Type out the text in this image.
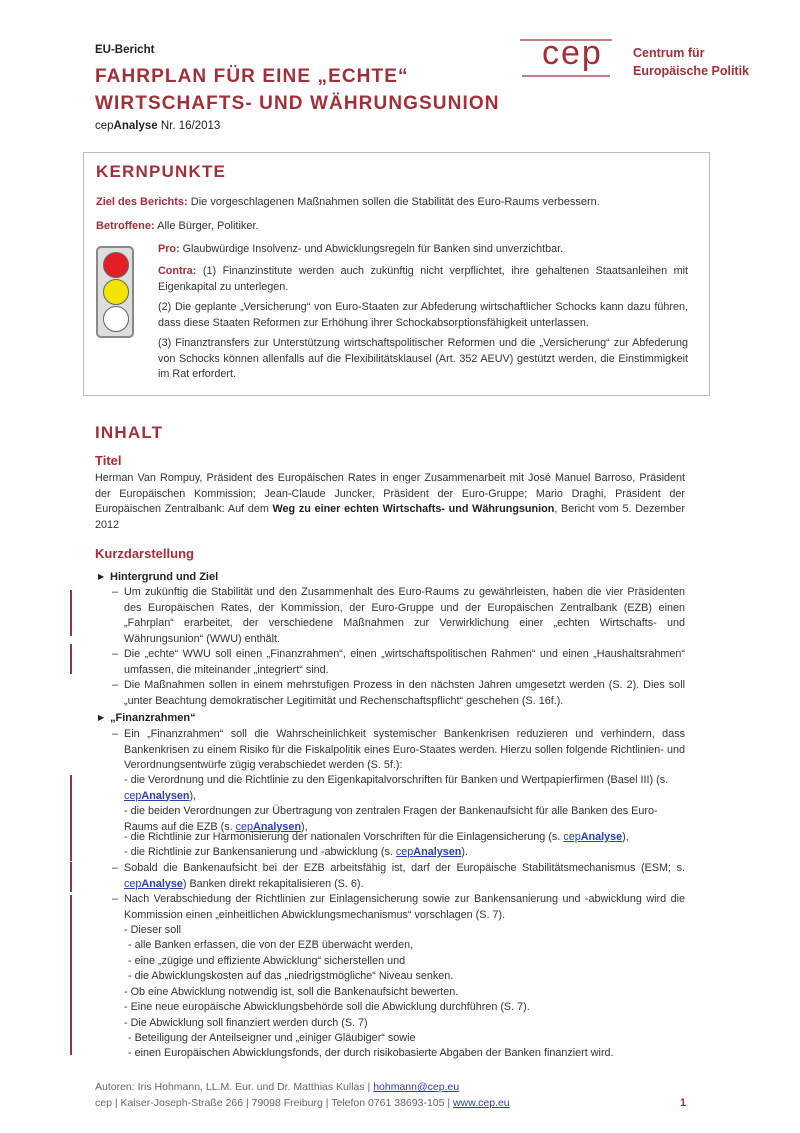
EU-Bericht
FAHRPLAN FÜR EINE „ECHTE“
WIRTSCHAFTS- UND WÄHRUNGSUNION
cepAnalyse Nr. 16/2013
cep Centrum für
Europäische Politik
KERNPUNKTE
Ziel des Berichts: Die vorgeschlagenen Maßnahmen sollen die Stabilität des Euro-Raums verbessern.
Betroffene: Alle Bürger, Politiker.
Pro: Glaubwürdige Insolvenz- und Abwicklungsregeln für Banken sind unverzichtbar.
Contra: (1) Finanzinstitute werden auch zukünftig nicht verpflichtet, ihre gehaltenen Staatsanleihen mit Eigenkapital zu unterlegen.
(2) Die geplante „Versicherung“ von Euro-Staaten zur Abfederung wirtschaftlicher Schocks kann dazu führen, dass diese Staaten Reformen zur Erhöhung ihrer Schockabsorptionsfähigkeit unterlassen.
(3) Finanztransfers zur Unterstützung wirtschaftspolitischer Reformen und die „Versicherung“ zur Abfederung von Schocks können allenfalls auf die Flexibilitätsklausel (Art. 352 AEUV) gestützt werden, die Einstimmigkeit im Rat erfordert.
INHALT
Titel
Herman Van Rompuy, Präsident des Europäischen Rates in enger Zusammenarbeit mit José Manuel Barroso, Präsident der Europäischen Kommission; Jean-Claude Juncker, Präsident der Euro-Gruppe; Mario Draghi, Präsident der Europäischen Zentralbank: Auf dem Weg zu einer echten Wirtschafts- und Währungsunion, Bericht vom 5. Dezember 2012
Kurzdarstellung
▶ Hintergrund und Ziel
– Um zukünftig die Stabilität und den Zusammenhalt des Euro-Raums zu gewährleisten, haben die vier Präsidenten des Europäischen Rates, der Kommission, der Euro-Gruppe und der Europäischen Zentralbank (EZB) einen „Fahrplan“ erarbeitet, der verschiedene Maßnahmen zur Verwirklichung einer „echten Wirtschafts- und Währungsunion“ (WWU) enthält.
– Die „echte“ WWU soll einen „Finanzrahmen“, einen „wirtschaftspolitischen Rahmen“ und einen „Haushaltsrahmen“ umfassen, die miteinander „integriert“ sind.
– Die Maßnahmen sollen in einem mehrstufigen Prozess in den nächsten Jahren umgesetzt werden (S. 2). Dies soll „unter Beachtung demokratischer Legitimität und Rechenschaftspflicht“ geschehen (S. 16f.).
▶ „Finanzrahmen“
– Ein „Finanzrahmen“ soll die Wahrscheinlichkeit systemischer Bankenkrisen reduzieren und verhindern, dass Bankenkrisen zu einem Risiko für die Fiskalpolitik eines Euro-Staates werden. Hierzu sollen folgende Richtlinien- und Verordnungsentwürfe zügig verabschiedet werden (S. 5f.):
- die Verordnung und die Richtlinie zu den Eigenkapitalvorschriften für Banken und Wertpapierfirmen (Basel III) (s. cepAnalysen),
- die beiden Verordnungen zur Übertragung von zentralen Fragen der Bankenaufsicht für alle Banken des Euro-Raums auf die EZB (s. cepAnalysen),
- die Richtlinie zur Harmonisierung der nationalen Vorschriften für die Einlagensicherung (s. cepAnalyse),
- die Richtlinie zur Bankensanierung und -abwicklung (s. cepAnalysen).
– Sobald die Bankenaufsicht bei der EZB arbeitsfähig ist, darf der Europäische Stabilitätsmechanismus (ESM; s. cepAnalyse) Banken direkt rekapitalisieren (S. 6).
– Nach Verabschiedung der Richtlinien zur Einlagensicherung sowie zur Bankensanierung und -abwicklung wird die Kommission einen „einheitlichen Abwicklungsmechanismus“ vorschlagen (S. 7).
- Dieser soll
- alle Banken erfassen, die von der EZB überwacht werden,
- eine „zügige und effiziente Abwicklung“ sicherstellen und
- die Abwicklungskosten auf das „niedrigstmögliche“ Niveau senken.
- Ob eine Abwicklung notwendig ist, soll die Bankenaufsicht bewerten.
- Eine neue europäische Abwicklungsbehörde soll die Abwicklung durchführen (S. 7).
- Die Abwicklung soll finanziert werden durch (S. 7)
- Beteiligung der Anteilseigner und „einiger Gläubiger“ sowie
- einen Europäischen Abwicklungsfonds, der durch risikobasierte Abgaben der Banken finanziert wird.
Autoren: Iris Hohmann, LL.M. Eur. und Dr. Matthias Kullas | hohmann@cep.eu
cep | Kaiser-Joseph-Straße 266 | 79098 Freiburg | Telefon 0761 38693-105 | www.cep.eu	1
